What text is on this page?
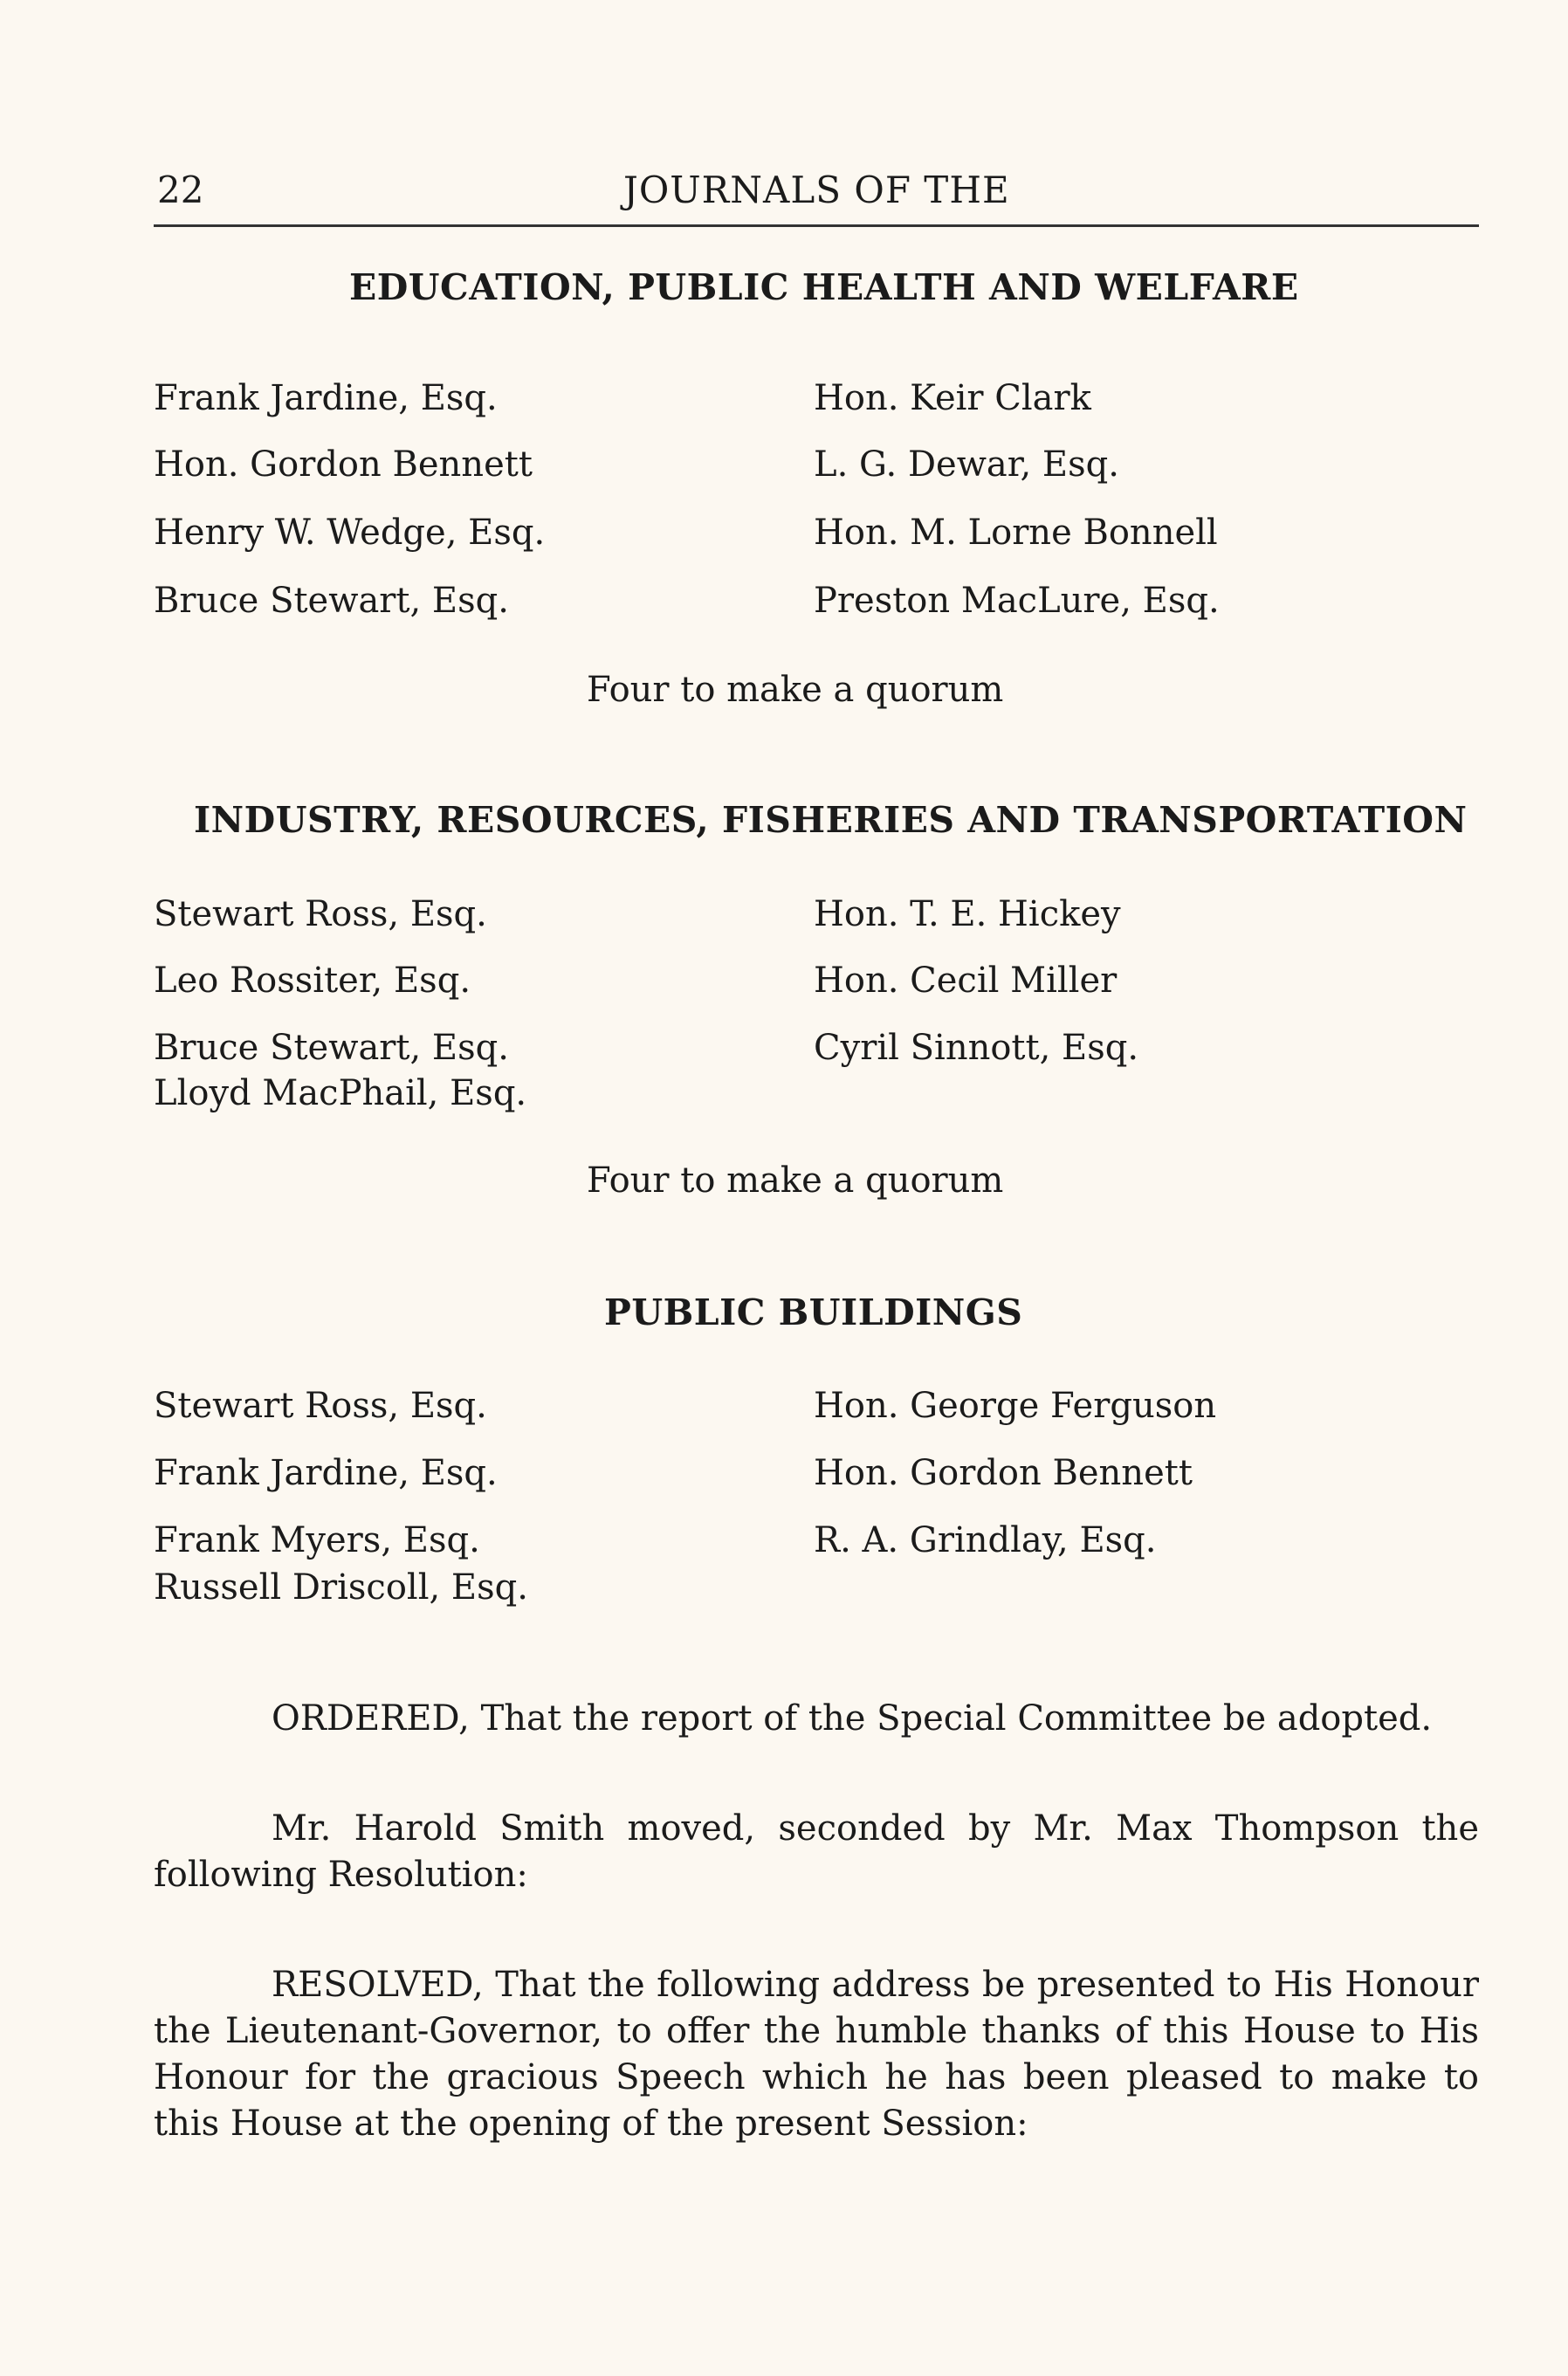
22	JOURNALS OF THE
EDUCATION, PUBLIC HEALTH AND WELFARE
Frank Jardine, Esq.
Hon. Gordon Bennett
Henry W. Wedge, Esq.
Bruce Stewart, Esq.
Hon. Keir Clark
L. G. Dewar, Esq.
Hon. M. Lorne Bonnell
Preston MacLure, Esq.
Four to make a quorum
INDUSTRY, RESOURCES, FISHERIES AND TRANSPORTATION
Stewart Ross, Esq.
Leo Rossiter, Esq.
Bruce Stewart, Esq.
Lloyd MacPhail, Esq.
Hon. T. E. Hickey
Hon. Cecil Miller
Cyril Sinnott, Esq.
Four to make a quorum
PUBLIC BUILDINGS
Stewart Ross, Esq.
Frank Jardine, Esq.
Frank Myers, Esq.
Russell Driscoll, Esq.
Hon. George Ferguson
Hon. Gordon Bennett
R. A. Grindlay, Esq.
ORDERED, That the report of the Special Committee be adopted.
Mr. Harold Smith moved, seconded by Mr. Max Thompson the following Resolution:
RESOLVED, That the following address be presented to His Honour the Lieutenant-Governor, to offer the humble thanks of this House to His Honour for the gracious Speech which he has been pleased to make to this House at the opening of the present Session:
